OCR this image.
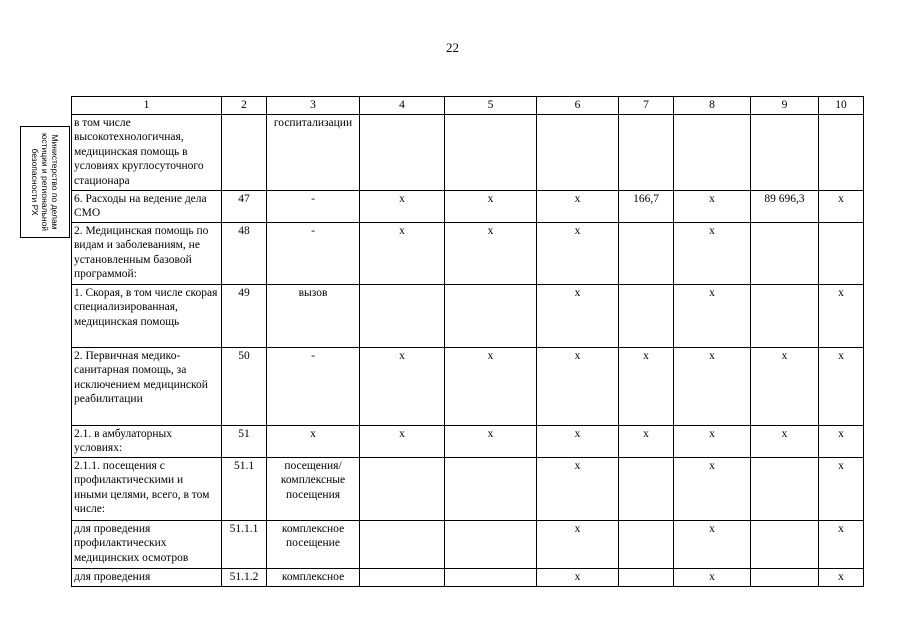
22
Министерство по делам
юстиции и региональной
безопасности РХ
1	2	3	4	5	6	7	8	9	10
в том числе высокотехнологичная, медицинская помощь в условиях круглосуточного стационара		госпитализации							
6. Расходы на ведение дела СМО	47	-	x	x	x	166,7	x	89 696,3	x
2. Медицинская помощь по видам и заболеваниям, не установленным базовой программой:	48	-	x	x	x		x		
1. Скорая, в том числе скорая специализированная, медицинская помощь	49	вызов			x		x		x
2. Первичная медико-санитарная помощь, за исключением медицинской реабилитации	50	-	x	x	x	x	x	x	x
2.1. в амбулаторных условиях:	51	x	x	x	x	x	x	x	x
2.1.1. посещения с профилактическими и иными целями, всего, в том числе:	51.1	посещения/ комплексные посещения			x		x		x
для проведения профилактических медицинских осмотров	51.1.1	комплексное посещение			x		x		x
для проведения	51.1.2	комплексное			x		x		x
